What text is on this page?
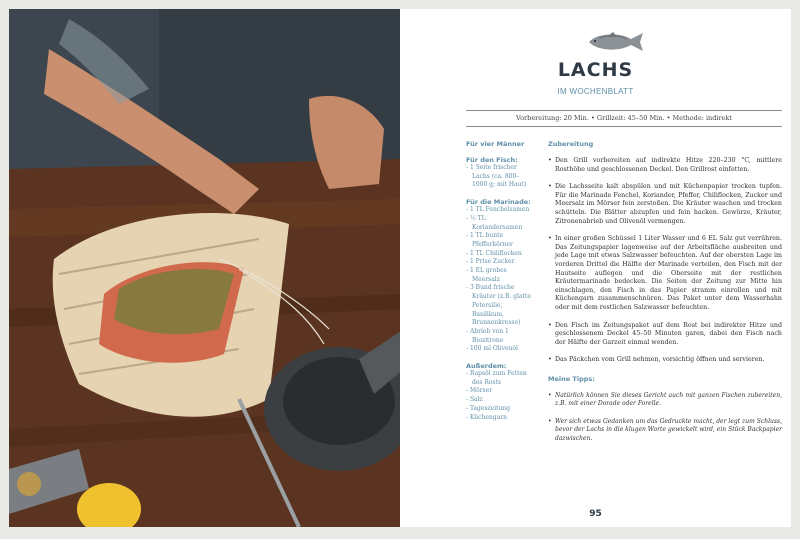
LACHS
IM WOCHENBLATT
Vorbereitung: 20 Min. • Grillzeit: 45–50 Min. • Methode: indirekt
Für vier Männer
Für den Fisch:
- 1 Seite frischer Lachs (ca. 800–1000 g; mit Haut)
Für die Marinade:
- 1 TL Fenchelsamen
- ½ TL Koriandersamen
- 1 TL bunte Pfefferkörner
- 1 TL Chiliflocken
- 1 Prise Zucker
- 1 EL grobes Meersalz
- 3 Bund frische Kräuter (z.B. glatte Petersilie, Basilikum, Brunnenkresse)
- Abrieb von 1 Biozitrone
- 100 ml Olivenöl
Außerdem:
- Rapsöl zum Fetten des Rosts
- Mörser
- Salz
- Tageszeitung
- Küchengarn
Zubereitung

• Den Grill vorbereiten auf indirekte Hitze 220–230 °C, mittlere Rosthöhe und geschlossenen Deckel. Den Grillrost einfetten.

• Die Lachsseite kalt abspülen und mit Küchenpapier trocken tupfen. Für die Marinade Fenchel, Koriander, Pfeffer, Chiliflocken, Zucker und Meersalz im Mörser fein zerstoßen. Die Kräuter waschen und trocken schütteln. Die Blätter abzupfen und fein hacken. Gewürze, Kräuter, Zitronenabrieb und Olivenöl vermengen.

• In einer großen Schüssel 1 Liter Wasser und 6 EL Salz gut verrühren. Das Zeitungspapier lagenweise auf der Arbeitsfläche ausbreiten und jede Lage mit etwas Salzwasser befeuchten. Auf der obersten Lage im vorderen Drittel die Hälfte der Marinade verteilen, den Fisch mit der Hautseite auflegen und die Oberseite mit der restlichen Kräutermarinade bedecken. Die Seiten der Zeitung zur Mitte hin einschlagen, den Fisch in das Papier stramm einrollen und mit Küchengarn zusammenschnüren. Das Paket unter dem Wasserhahn oder mit dem restlichen Salzwasser befeuchten.

• Den Fisch im Zeitungspaket auf dem Rost bei indirekter Hitze und geschlossenem Deckel 45–50 Minuten garen, dabei den Fisch nach der Hälfte der Garzeit einmal wenden.

• Das Päckchen vom Grill nehmen, vorsichtig öffnen und servieren.

Meine Tipps:

• Natürlich können Sie dieses Gericht auch mit ganzen Fischen zubereiten, z.B. mit einer Dorade oder Forelle.

• Wer sich etwas Gedanken um das Gedruckte macht, der legt zum Schluss, bevor der Lachs in die klugen Worte gewickelt wird, ein Stück Backpapier dazwischen.

95
